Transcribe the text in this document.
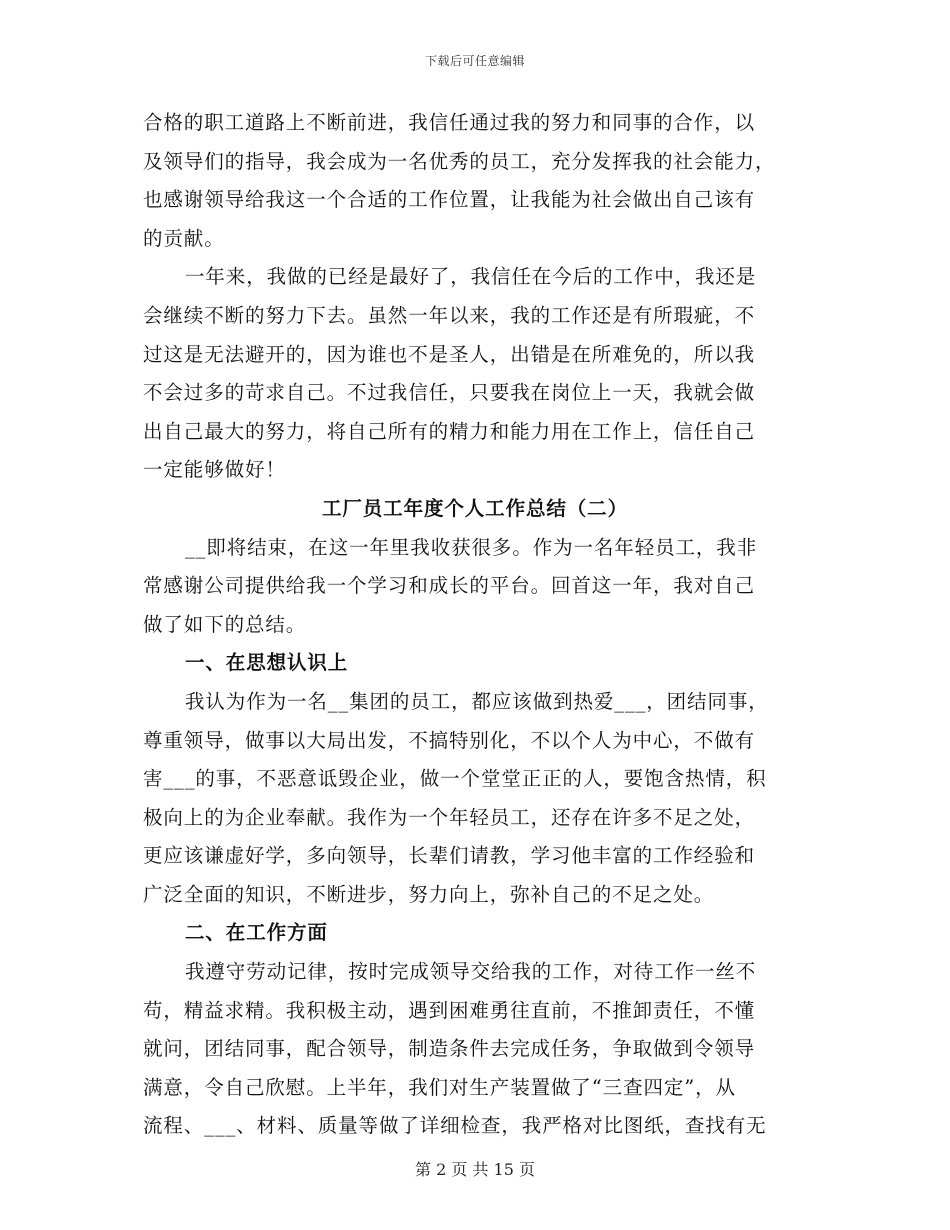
下载后可任意编辑
合格的职工道路上不断前进，我信任通过我的努力和同事的合作，以
及领导们的指导，我会成为一名优秀的员工，充分发挥我的社会能力，
也感谢领导给我这一个合适的工作位置，让我能为社会做出自己该有
的贡献。
一年来，我做的已经是最好了，我信任在今后的工作中，我还是
会继续不断的努力下去。虽然一年以来，我的工作还是有所瑕疵，不
过这是无法避开的，因为谁也不是圣人，出错是在所难免的，所以我
不会过多的苛求自己。不过我信任，只要我在岗位上一天，我就会做
出自己最大的努力，将自己所有的精力和能力用在工作上，信任自己
一定能够做好！
工厂员工年度个人工作总结（二）
__即将结束，在这一年里我收获很多。作为一名年轻员工，我非
常感谢公司提供给我一个学习和成长的平台。回首这一年，我对自己
做了如下的总结。
一、在思想认识上
我认为作为一名__集团的员工，都应该做到热爱___，团结同事，
尊重领导，做事以大局出发，不搞特别化，不以个人为中心，不做有
害___的事，不恶意诋毁企业，做一个堂堂正正的人，要饱含热情，积
极向上的为企业奉献。我作为一个年轻员工，还存在许多不足之处，
更应该谦虚好学，多向领导，长辈们请教，学习他丰富的工作经验和
广泛全面的知识，不断进步，努力向上，弥补自己的不足之处。
二、在工作方面
我遵守劳动记律，按时完成领导交给我的工作，对待工作一丝不
苟，精益求精。我积极主动，遇到困难勇往直前，不推卸责任，不懂
就问，团结同事，配合领导，制造条件去完成任务，争取做到令领导
满意，令自己欣慰。上半年，我们对生产装置做了“三查四定”，从
流程、___、材料、质量等做了详细检查，我严格对比图纸，查找有无
第 2 页 共 15 页
